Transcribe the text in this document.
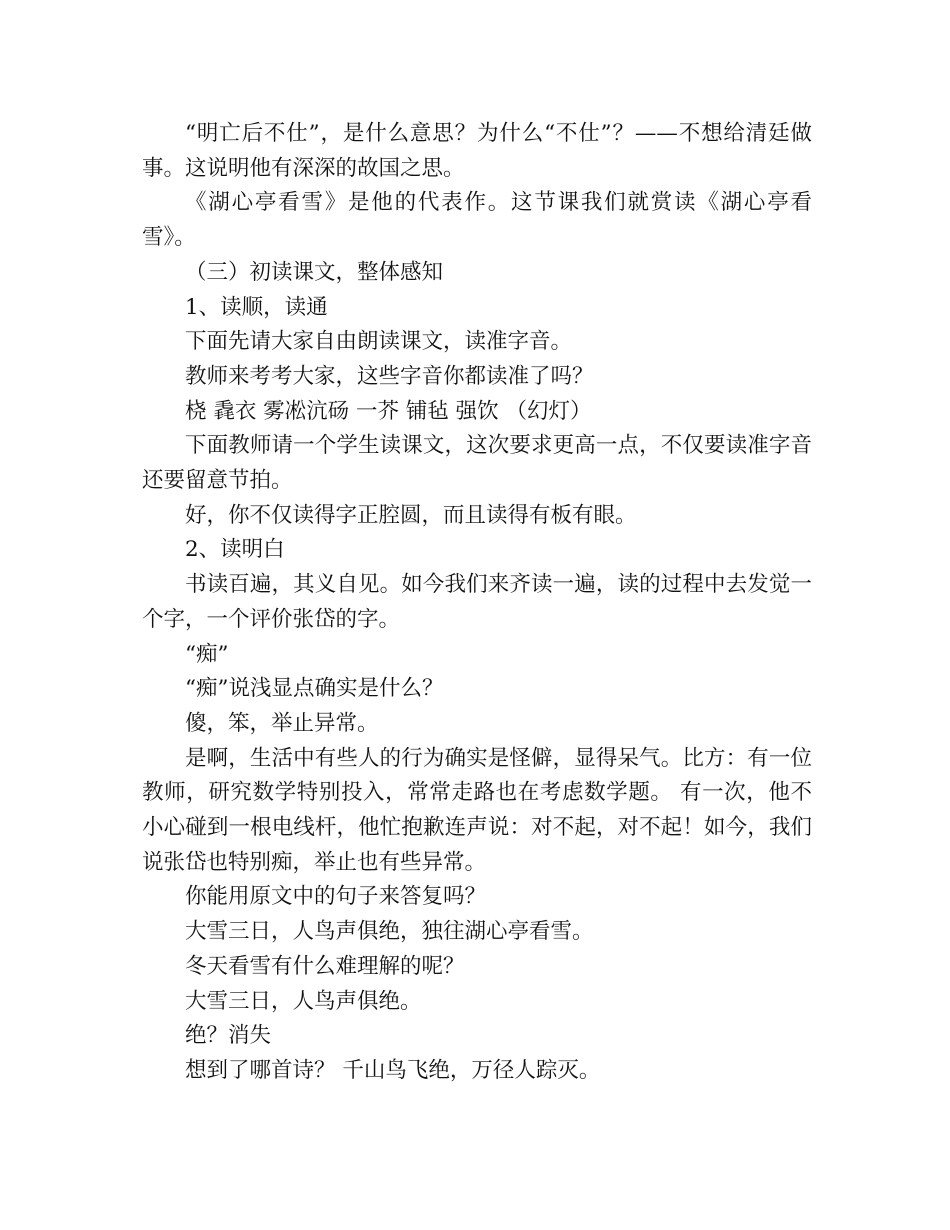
“明亡后不仕”，是什么意思？为什么“不仕”？——不想给清廷做事。这说明他有深深的故国之思。

《湖心亭看雪》是他的代表作。这节课我们就赏读《湖心亭看雪》。

（三）初读课文，整体感知

1、读顺，读通

下面先请大家自由朗读课文，读准字音。

教师来考考大家，这些字音你都读准了吗？

桡 毳衣 雾凇沆砀 一芥 铺毡 强饮 （幻灯）

下面教师请一个学生读课文，这次要求更高一点，不仅要读准字音还要留意节拍。

好，你不仅读得字正腔圆，而且读得有板有眼。

2、读明白

书读百遍，其义自见。如今我们来齐读一遍，读的过程中去发觉一个字，一个评价张岱的字。

“痴”

“痴”说浅显点确实是什么？

傻，笨，举止异常。

是啊，生活中有些人的行为确实是怪僻，显得呆气。比方：有一位教师，研究数学特别投入，常常走路也在考虑数学题。 有一次，他不小心碰到一根电线杆，他忙抱歉连声说：对不起，对不起！如今，我们说张岱也特别痴，举止也有些异常。

你能用原文中的句子来答复吗？

大雪三日，人鸟声俱绝，独往湖心亭看雪。

冬天看雪有什么难理解的呢？

大雪三日，人鸟声俱绝。

绝？消失

想到了哪首诗？ 千山鸟飞绝，万径人踪灭。
